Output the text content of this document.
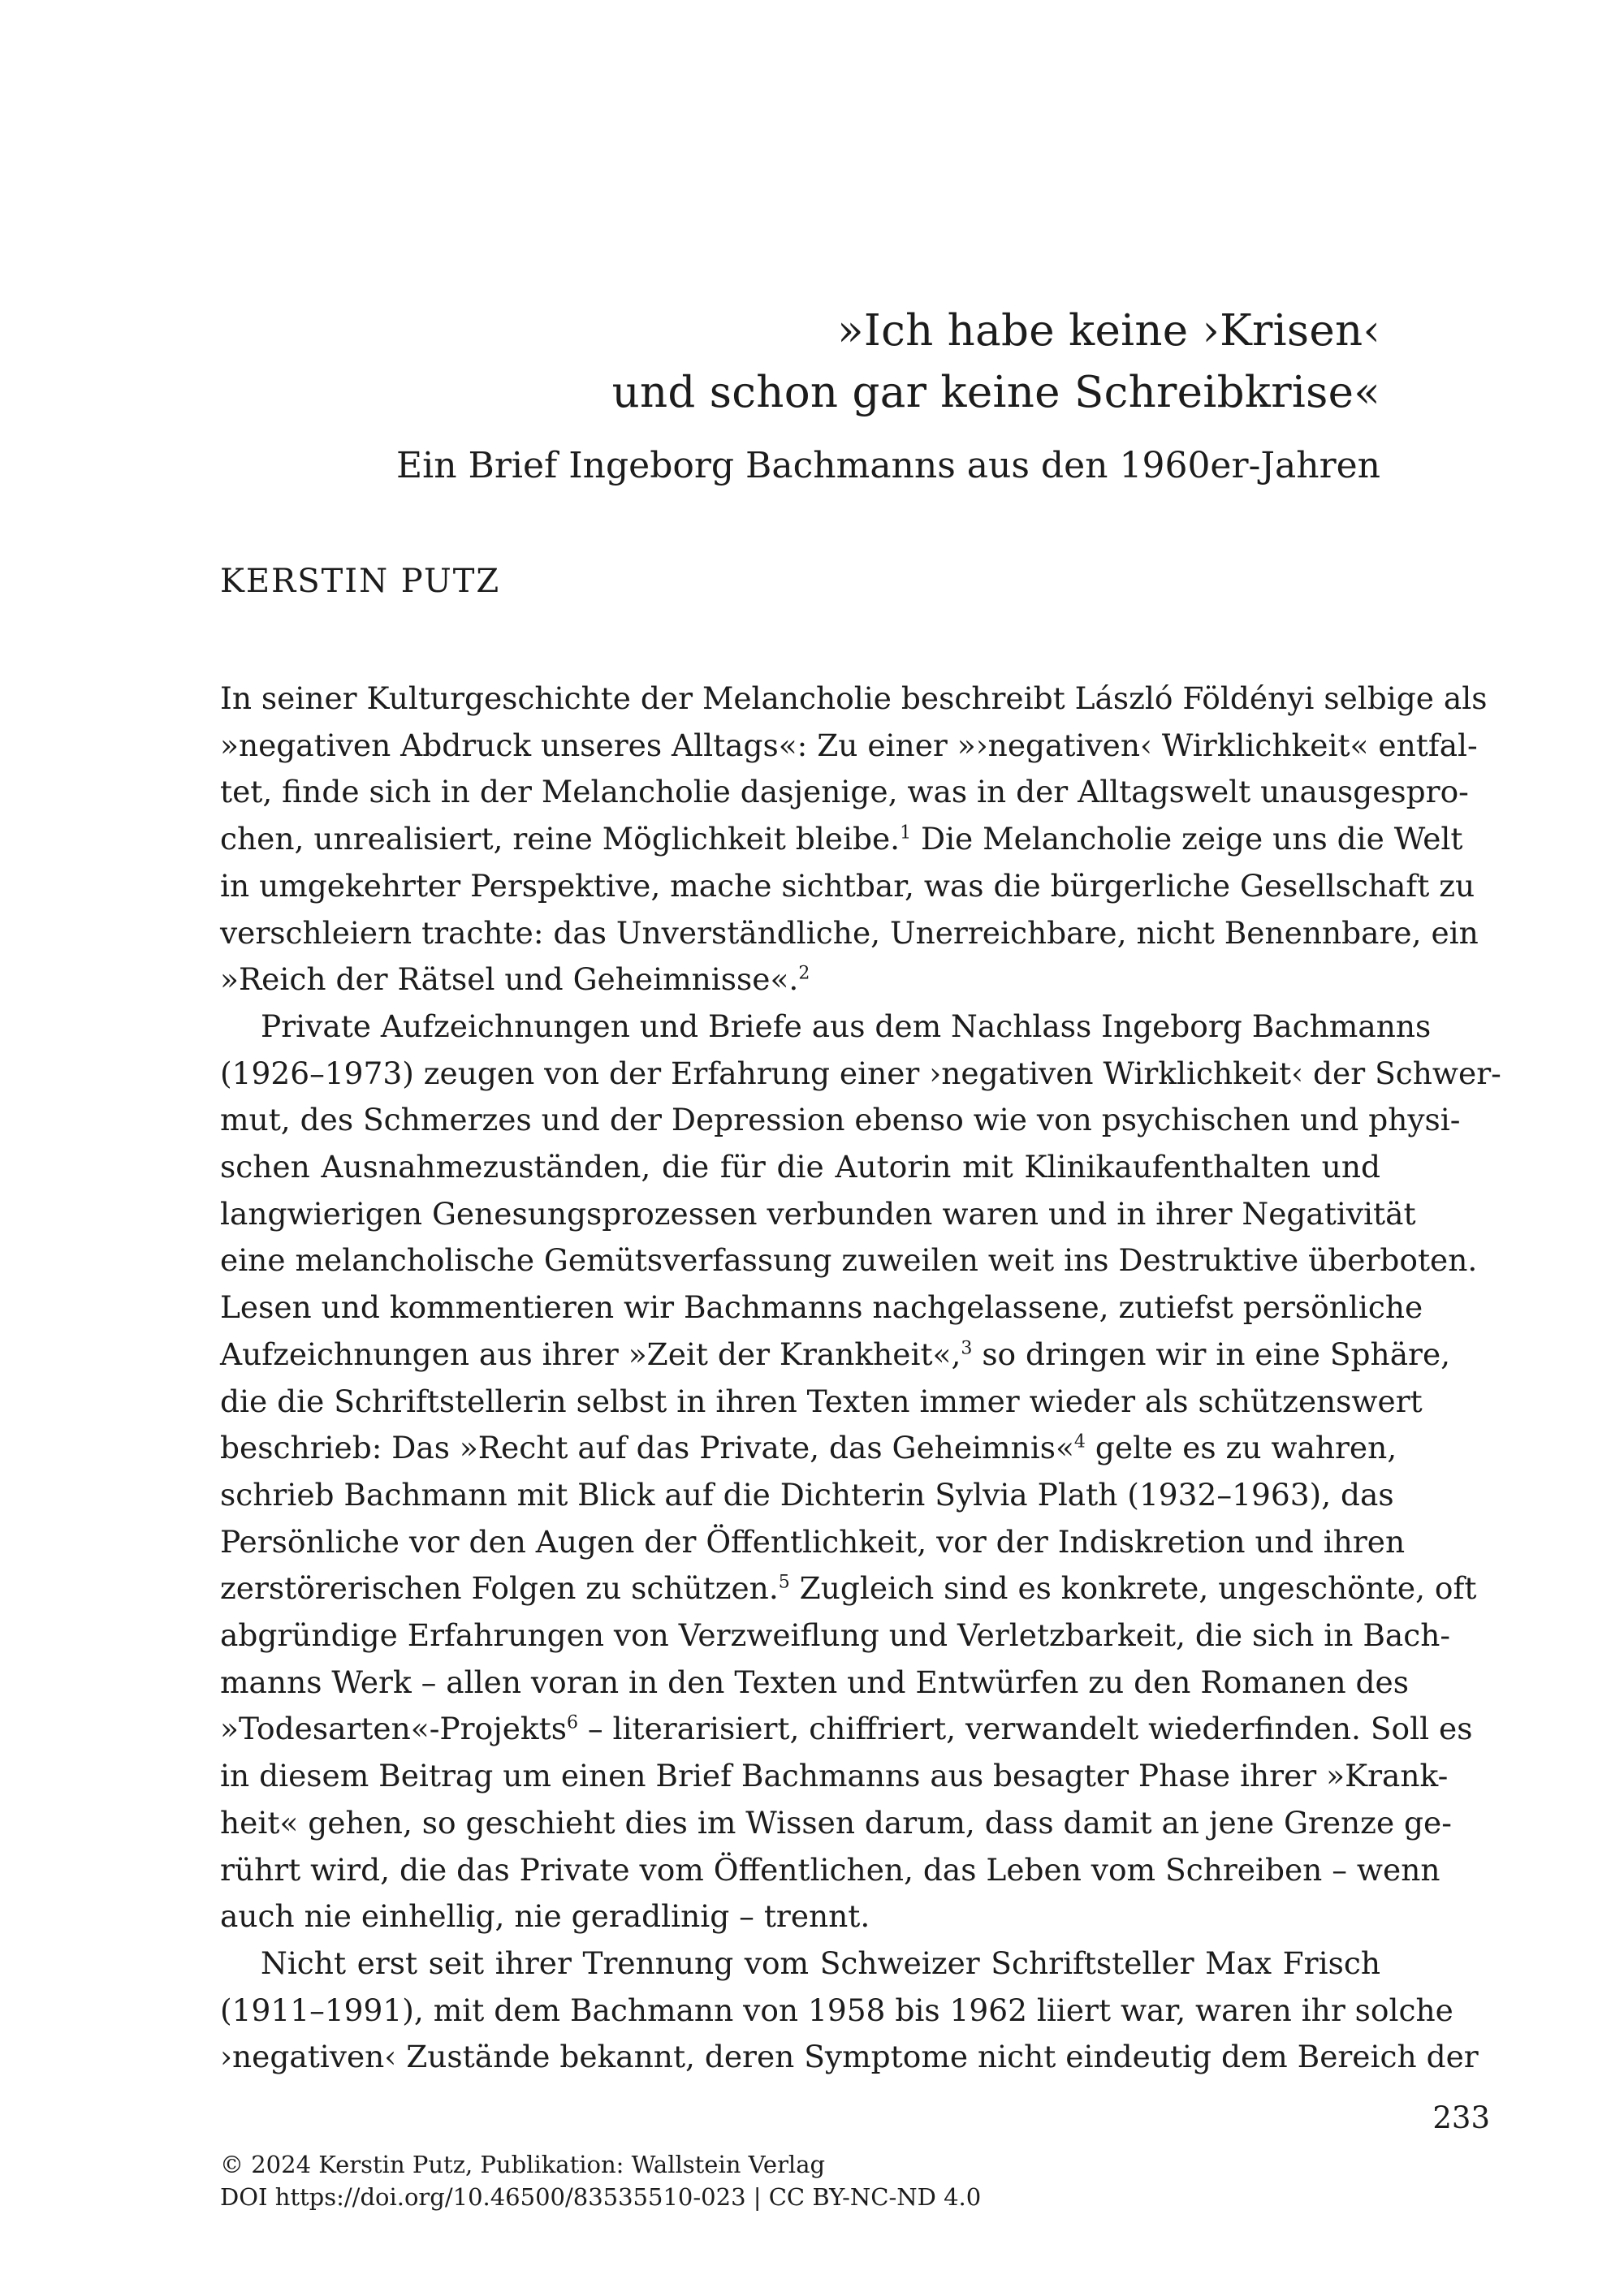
»Ich habe keine ›Krisen‹
und schon gar keine Schreibkrise«
Ein Brief Ingeborg Bachmanns aus den 1960er-Jahren
KERSTIN PUTZ

In seiner Kulturgeschichte der Melancholie beschreibt László Földényi selbige als
»negativen Abdruck unseres Alltags«: Zu einer »›negativen‹ Wirklichkeit« entfal-
tet, finde sich in der Melancholie dasjenige, was in der Alltagswelt unausgespro-
chen, unrealisiert, reine Möglichkeit bleibe.$^1$ Die Melancholie zeige uns die Welt
in umgekehrter Perspektive, mache sichtbar, was die bürgerliche Gesellschaft zu
verschleiern trachte: das Unverständliche, Unerreichbare, nicht Benennbare, ein
»Reich der Rätsel und Geheimnisse«.$^2$

Private Aufzeichnungen und Briefe aus dem Nachlass Ingeborg Bachmanns
(1926–1973) zeugen von der Erfahrung einer ›negativen Wirklichkeit‹ der Schwer-
mut, des Schmerzes und der Depression ebenso wie von psychischen und physi-
schen Ausnahmezuständen, die für die Autorin mit Klinikaufenthalten und
langwierigen Genesungsprozessen verbunden waren und in ihrer Negativität
eine melancholische Gemütsverfassung zuweilen weit ins Destruktive überboten.
Lesen und kommentieren wir Bachmanns nachgelassene, zutiefst persönliche
Aufzeichnungen aus ihrer »Zeit der Krankheit«,$^3$ so dringen wir in eine Sphäre,
die die Schriftstellerin selbst in ihren Texten immer wieder als schützenswert
beschrieb: Das »Recht auf das Private, das Geheimnis«$^4$ gelte es zu wahren,
schrieb Bachmann mit Blick auf die Dichterin Sylvia Plath (1932–1963), das
Persönliche vor den Augen der Öffentlichkeit, vor der Indiskretion und ihren
zerstörerischen Folgen zu schützen.$^5$ Zugleich sind es konkrete, ungeschönte, oft
abgründige Erfahrungen von Verzweiflung und Verletzbarkeit, die sich in Bach-
manns Werk – allen voran in den Texten und Entwürfen zu den Romanen des
»Todesarten«-Projekts$^6$ – literarisiert, chiffriert, verwandelt wiederfinden. Soll es
in diesem Beitrag um einen Brief Bachmanns aus besagter Phase ihrer »Krank-
heit« gehen, so geschieht dies im Wissen darum, dass damit an jene Grenze ge-
rührt wird, die das Private vom Öffentlichen, das Leben vom Schreiben – wenn
auch nie einhellig, nie geradlinig – trennt.

Nicht erst seit ihrer Trennung vom Schweizer Schriftsteller Max Frisch
(1911–1991), mit dem Bachmann von 1958 bis 1962 liiert war, waren ihr solche
›negativen‹ Zustände bekannt, deren Symptome nicht eindeutig dem Bereich der

233
© 2024 Kerstin Putz, Publikation: Wallstein Verlag
DOI https://doi.org/10.46500/83535510-023 | CC BY-NC-ND 4.0
